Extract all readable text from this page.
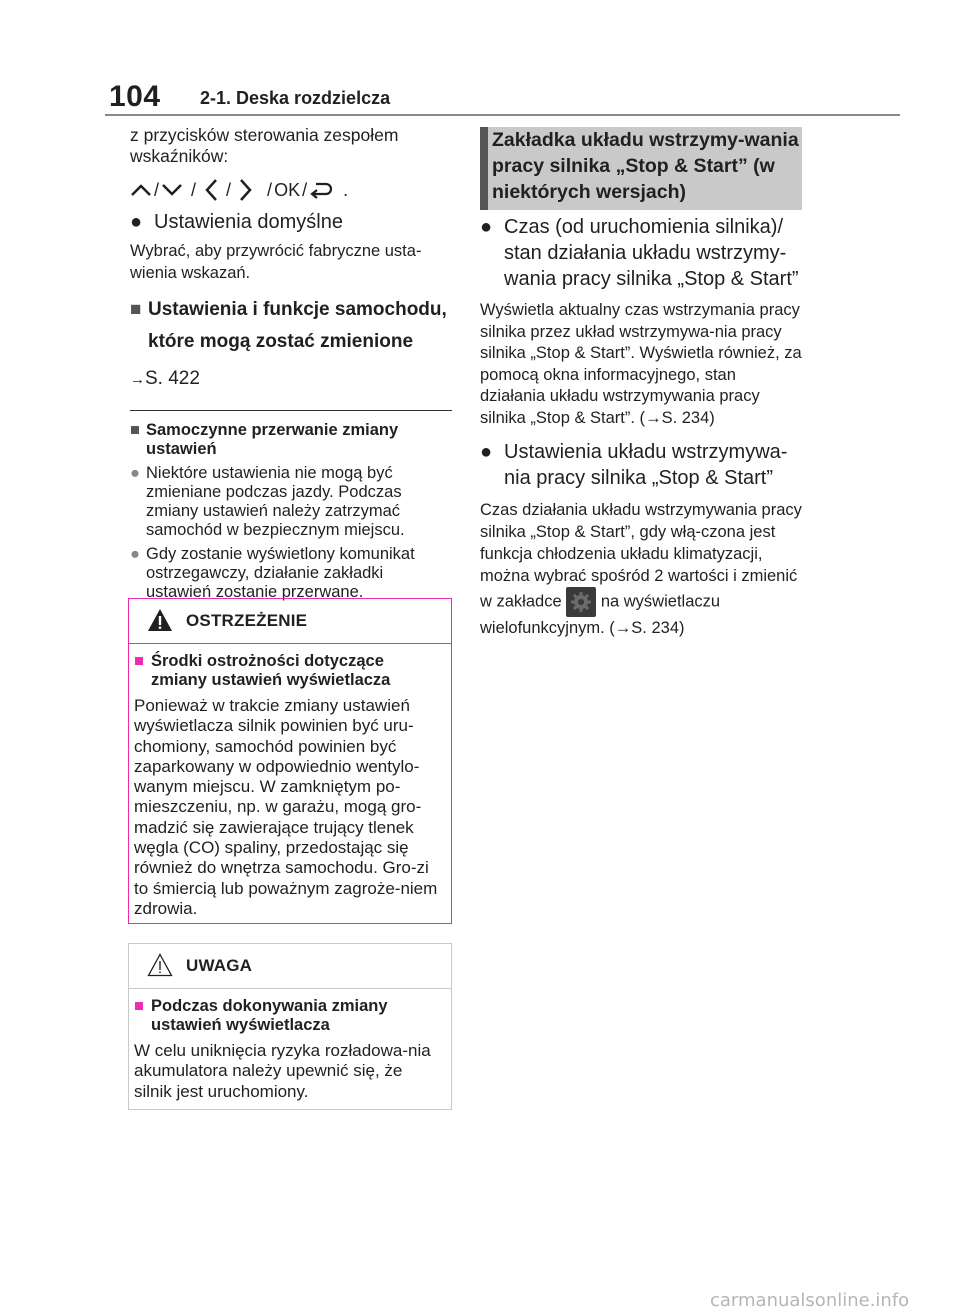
104 2-1. Deska rozdzielcza

z przycisków sterowania zespołem wskaźników:

/ / / / OK / .

● Ustawienia domyślne

Wybrać, aby przywrócić fabryczne usta-wienia wskazań.

■ Ustawienia i funkcje samochodu, które mogą zostać zmienione

→S. 422

■ Samoczynne przerwanie zmiany ustawień

● Niektóre ustawienia nie mogą być zmieniane podczas jazdy. Podczas zmiany ustawień należy zatrzymać samochód w bezpiecznym miejscu.

● Gdy zostanie wyświetlony komunikat ostrzegawczy, działanie zakładki ustawień zostanie przerwane.

OSTRZEŻENIE

■ Środki ostrożności dotyczące zmiany ustawień wyświetlacza

Ponieważ w trakcie zmiany ustawień wyświetlacza silnik powinien być uru-chomiony, samochód powinien być zaparkowany w odpowiednio wentylo-wanym miejscu. W zamkniętym po-mieszczeniu, np. w garażu, mogą gro-madzić się zawierające trujący tlenek węgla (CO) spaliny, przedostając się również do wnętrza samochodu. Gro-zi to śmiercią lub poważnym zagroże-niem zdrowia.

UWAGA

■ Podczas dokonywania zmiany ustawień wyświetlacza

W celu uniknięcia ryzyka rozładowa-nia akumulatora należy upewnić się, że silnik jest uruchomiony.

Zakładka układu wstrzymy-wania pracy silnika „Stop & Start” (w niektórych wersjach)

● Czas (od uruchomienia silnika)/ stan działania układu wstrzymy-wania pracy silnika „Stop & Start”

Wyświetla aktualny czas wstrzymania pracy silnika przez układ wstrzymywa-nia pracy silnika „Stop & Start”. Wyświetla również, za pomocą okna informacyjnego, stan działania układu wstrzymywania pracy silnika „Stop & Start”. (→S. 234)

● Ustawienia układu wstrzymywa-nia pracy silnika „Stop & Start”

Czas działania układu wstrzymywania pracy silnika „Stop & Start”, gdy włą-czona jest funkcja chłodzenia układu klimatyzacji, można wybrać spośród 2 wartości i zmienić w zakładce na wyświetlaczu wielofunkcyjnym. (→S. 234)

carmanualsonline.info
